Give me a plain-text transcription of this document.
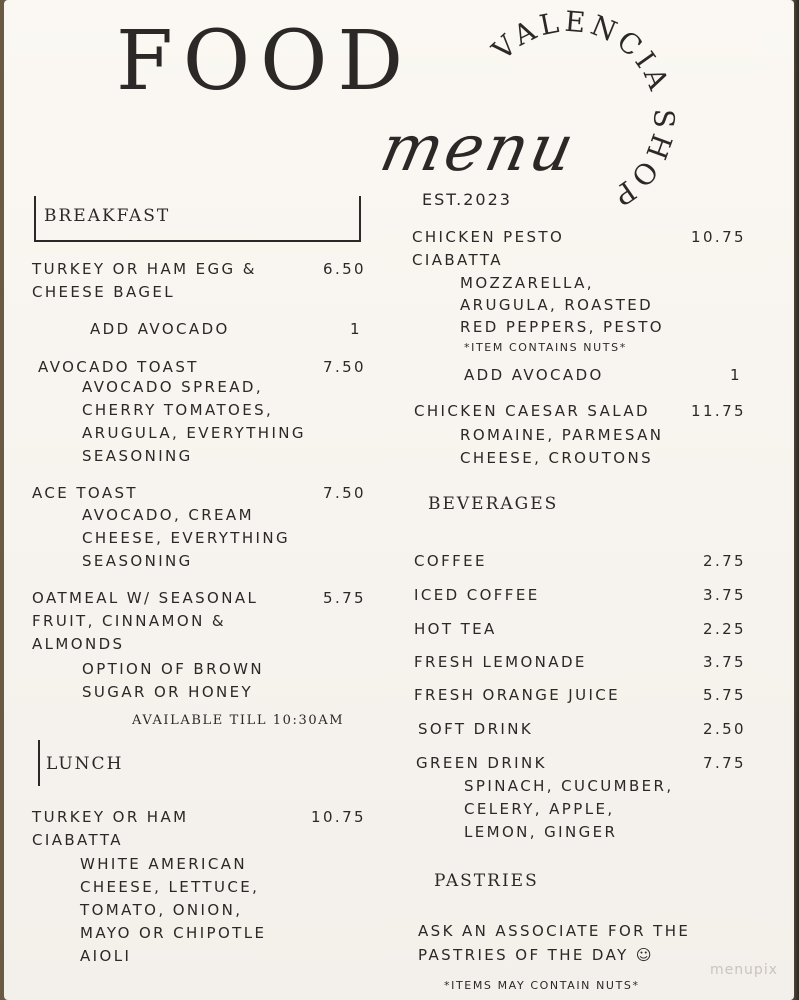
FOOD	VALENCIA SHOP
menu
EST.2023
BREAKFAST
TURKEY OR HAM EGG &
CHEESE BAGEL
6.50
ADD AVOCADO	1
AVOCADO TOAST	7.50
AVOCADO SPREAD,
CHERRY TOMATOES,
ARUGULA, EVERYTHING
SEASONING
ACE TOAST	7.50
AVOCADO, CREAM
CHEESE, EVERYTHING
SEASONING
OATMEAL W/ SEASONAL
FRUIT, CINNAMON &
ALMONDS
5.75
OPTION OF BROWN
SUGAR OR HONEY
AVAILABLE TILL 10:30AM
LUNCH
TURKEY OR HAM
CIABATTA
10.75
WHITE AMERICAN
CHEESE, LETTUCE,
TOMATO, ONION,
MAYO OR CHIPOTLE
AIOLI
CHICKEN PESTO
CIABATTA
10.75
MOZZARELLA,
ARUGULA, ROASTED
RED PEPPERS, PESTO
*ITEM CONTAINS NUTS*
ADD AVOCADO	1
CHICKEN CAESAR SALAD	11.75
ROMAINE, PARMESAN
CHEESE, CROUTONS
BEVERAGES
COFFEE	2.75
ICED COFFEE	3.75
HOT TEA	2.25
FRESH LEMONADE	3.75
FRESH ORANGE JUICE	5.75
SOFT DRINK	2.50
GREEN DRINK	7.75
SPINACH, CUCUMBER,
CELERY, APPLE,
LEMON, GINGER
PASTRIES
ASK AN ASSOCIATE FOR THE
PASTRIES OF THE DAY ☺
*ITEMS MAY CONTAIN NUTS*
menupix
